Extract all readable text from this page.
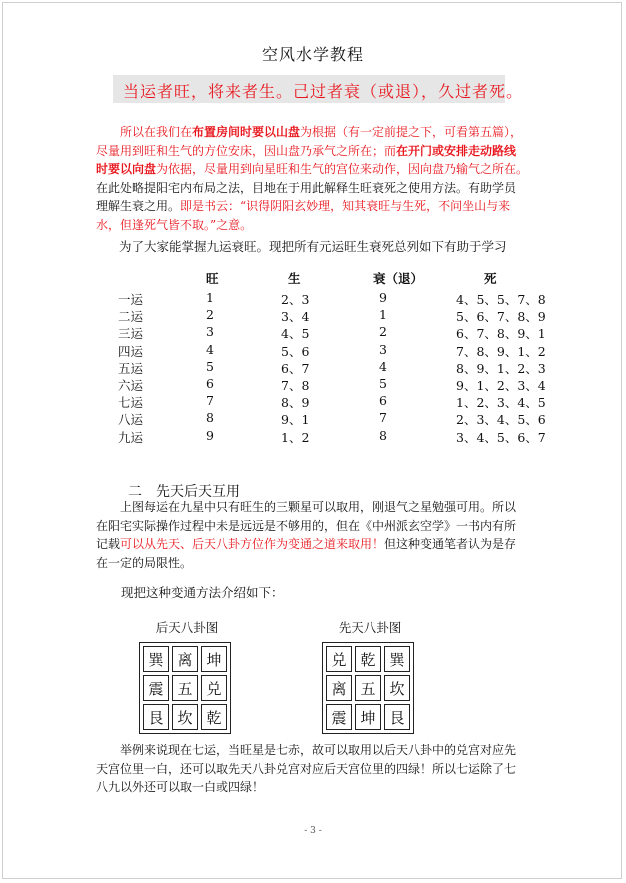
空风水学教程
当运者旺，将来者生。己过者衰（或退），久过者死。
所以在我们在布置房间时要以山盘为根据（有一定前提之下，可看第五篇），
尽量用到旺和生气的方位安床，因山盘乃承气之所在；而在开门或安排走动路线
时要以向盘为依据，尽量用到向星旺和生气的宫位来动作，因向盘乃输气之所在。
在此处略提阳宅内布局之法，目地在于用此解释生旺衰死之使用方法。有助学员
理解生衰之用。即是书云：“识得阴阳玄妙理，知其衰旺与生死，不问坐山与来
水，但逢死气皆不取。”之意。
为了大家能掌握九运衰旺。现把所有元运旺生衰死总列如下有助于学习
旺	生	衰（退）	死
一运	1	2、3	9	4、5、5、7、8
二运	2	3、4	1	5、6、7、8、9
三运	3	4、5	2	6、7、8、9、1
四运	4	5、6	3	7、8、9、1、2
五运	5	6、7	4	8、9、1、2、3
六运	6	7、8	5	9、1、2、3、4
七运	7	8、9	6	1、2、3、4、5
八运	8	9、1	7	2、3、4、5、6
九运	9	1、2	8	3、4、5、6、7
二　先天后天互用
上图每运在九星中只有旺生的三颗星可以取用，刚退气之星勉强可用。所以
在阳宅实际操作过程中未是远远是不够用的，但在《中州派玄空学》一书内有所
记载可以从先天、后天八卦方位作为变通之道来取用！但这种变通笔者认为是存
在一定的局限性。
现把这种变通方法介绍如下：
后天八卦图
巽 离 坤
震 五 兑
艮 坎 乾
先天八卦图
兑 乾 巽
离 五 坎
震 坤 艮
举例来说现在七运，当旺星是七赤，故可以取用以后天八卦中的兑宫对应先
天宫位里一白，还可以取先天八卦兑宫对应后天宫位里的四绿！所以七运除了七
八九以外还可以取一白或四绿！
- 3 -
